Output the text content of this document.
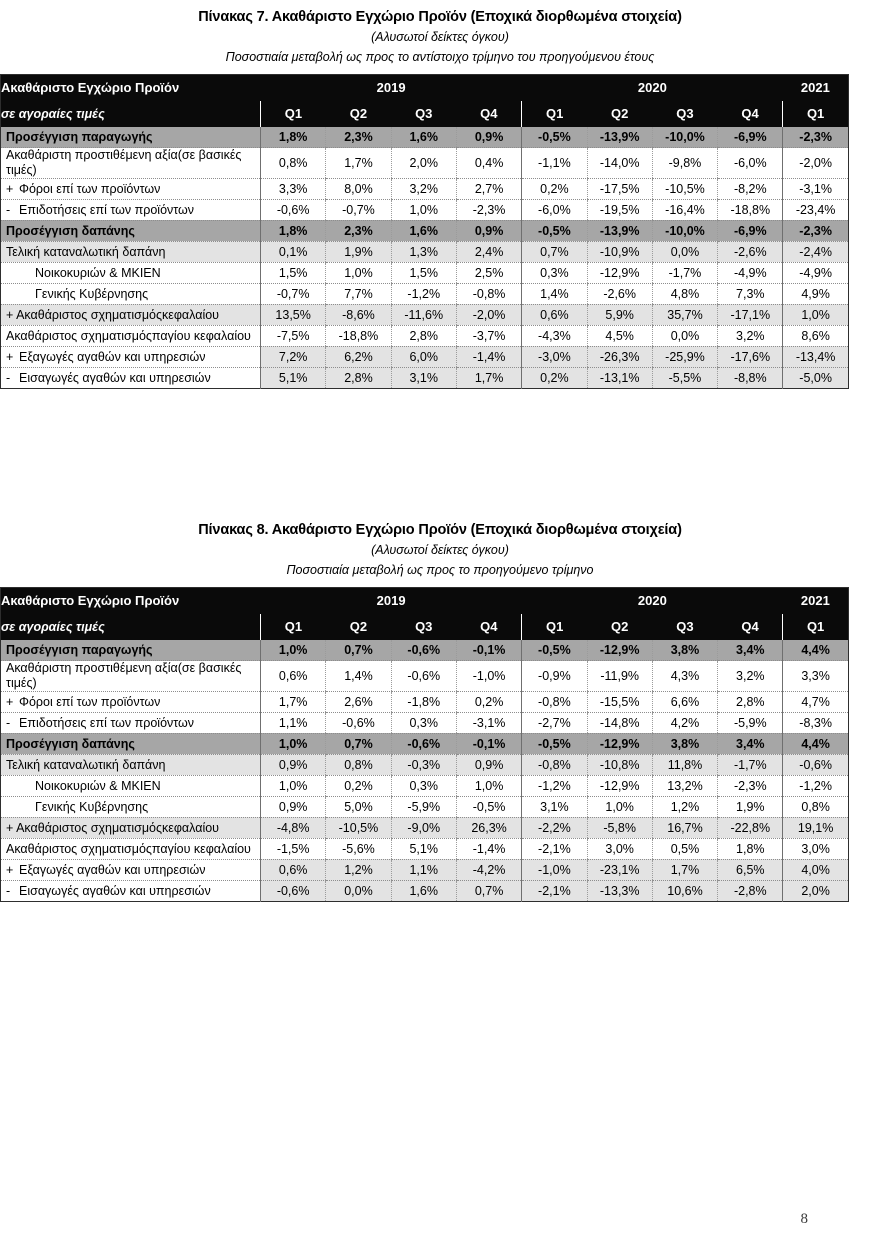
Πίνακας 7. Ακαθάριστο Εγχώριο Προϊόν (Εποχικά διορθωμένα στοιχεία)
(Αλυσωτοί δείκτες όγκου)
Ποσοστιαία μεταβολή ως προς το αντίστοιχο τρίμηνο του προηγούμενου έτους
Ακαθάριστο Εγχώριο Προϊόν	2019				2020				2021
σε αγοραίες τιμές	Q1	Q2	Q3	Q4	Q1	Q2	Q3	Q4	Q1
Προσέγγιση παραγωγής	1,8%	2,3%	1,6%	0,9%	-0,5%	-13,9%	-10,0%	-6,9%	-2,3%
Ακαθάριστη προστιθέμενη αξία(σε βασικές τιμές)	0,8%	1,7%	2,0%	0,4%	-1,1%	-14,0%	-9,8%	-6,0%	-2,0%
+ Φόροι επί των προϊόντων	3,3%	8,0%	3,2%	2,7%	0,2%	-17,5%	-10,5%	-8,2%	-3,1%
- Επιδοτήσεις επί των προϊόντων	-0,6%	-0,7%	1,0%	-2,3%	-6,0%	-19,5%	-16,4%	-18,8%	-23,4%
Προσέγγιση δαπάνης	1,8%	2,3%	1,6%	0,9%	-0,5%	-13,9%	-10,0%	-6,9%	-2,3%
Τελική καταναλωτική δαπάνη	0,1%	1,9%	1,3%	2,4%	0,7%	-10,9%	0,0%	-2,6%	-2,4%
Νοικοκυριών & ΜΚΙΕΝ	1,5%	1,0%	1,5%	2,5%	0,3%	-12,9%	-1,7%	-4,9%	-4,9%
Γενικής Κυβέρνησης	-0,7%	7,7%	-1,2%	-0,8%	1,4%	-2,6%	4,8%	7,3%	4,9%
+ Ακαθάριστος σχηματισμόςκεφαλαίου	13,5%	-8,6%	-11,6%	-2,0%	0,6%	5,9%	35,7%	-17,1%	1,0%
Ακαθάριστος σχηματισμόςπαγίου κεφαλαίου	-7,5%	-18,8%	2,8%	-3,7%	-4,3%	4,5%	0,0%	3,2%	8,6%
+ Εξαγωγές αγαθών και υπηρεσιών	7,2%	6,2%	6,0%	-1,4%	-3,0%	-26,3%	-25,9%	-17,6%	-13,4%
- Εισαγωγές αγαθών και υπηρεσιών	5,1%	2,8%	3,1%	1,7%	0,2%	-13,1%	-5,5%	-8,8%	-5,0%
Πίνακας 8. Ακαθάριστο Εγχώριο Προϊόν (Εποχικά διορθωμένα στοιχεία)
(Αλυσωτοί δείκτες όγκου)
Ποσοστιαία μεταβολή ως προς το προηγούμενο τρίμηνο
Ακαθάριστο Εγχώριο Προϊόν	2019				2020				2021
σε αγοραίες τιμές	Q1	Q2	Q3	Q4	Q1	Q2	Q3	Q4	Q1
Προσέγγιση παραγωγής	1,0%	0,7%	-0,6%	-0,1%	-0,5%	-12,9%	3,8%	3,4%	4,4%
Ακαθάριστη προστιθέμενη αξία(σε βασικές τιμές)	0,6%	1,4%	-0,6%	-1,0%	-0,9%	-11,9%	4,3%	3,2%	3,3%
+ Φόροι επί των προϊόντων	1,7%	2,6%	-1,8%	0,2%	-0,8%	-15,5%	6,6%	2,8%	4,7%
- Επιδοτήσεις επί των προϊόντων	1,1%	-0,6%	0,3%	-3,1%	-2,7%	-14,8%	4,2%	-5,9%	-8,3%
Προσέγγιση δαπάνης	1,0%	0,7%	-0,6%	-0,1%	-0,5%	-12,9%	3,8%	3,4%	4,4%
Τελική καταναλωτική δαπάνη	0,9%	0,8%	-0,3%	0,9%	-0,8%	-10,8%	11,8%	-1,7%	-0,6%
Νοικοκυριών & ΜΚΙΕΝ	1,0%	0,2%	0,3%	1,0%	-1,2%	-12,9%	13,2%	-2,3%	-1,2%
Γενικής Κυβέρνησης	0,9%	5,0%	-5,9%	-0,5%	3,1%	1,0%	1,2%	1,9%	0,8%
+ Ακαθάριστος σχηματισμόςκεφαλαίου	-4,8%	-10,5%	-9,0%	26,3%	-2,2%	-5,8%	16,7%	-22,8%	19,1%
Ακαθάριστος σχηματισμόςπαγίου κεφαλαίου	-1,5%	-5,6%	5,1%	-1,4%	-2,1%	3,0%	0,5%	1,8%	3,0%
+ Εξαγωγές αγαθών και υπηρεσιών	0,6%	1,2%	1,1%	-4,2%	-1,0%	-23,1%	1,7%	6,5%	4,0%
- Εισαγωγές αγαθών και υπηρεσιών	-0,6%	0,0%	1,6%	0,7%	-2,1%	-13,3%	10,6%	-2,8%	2,0%
8
